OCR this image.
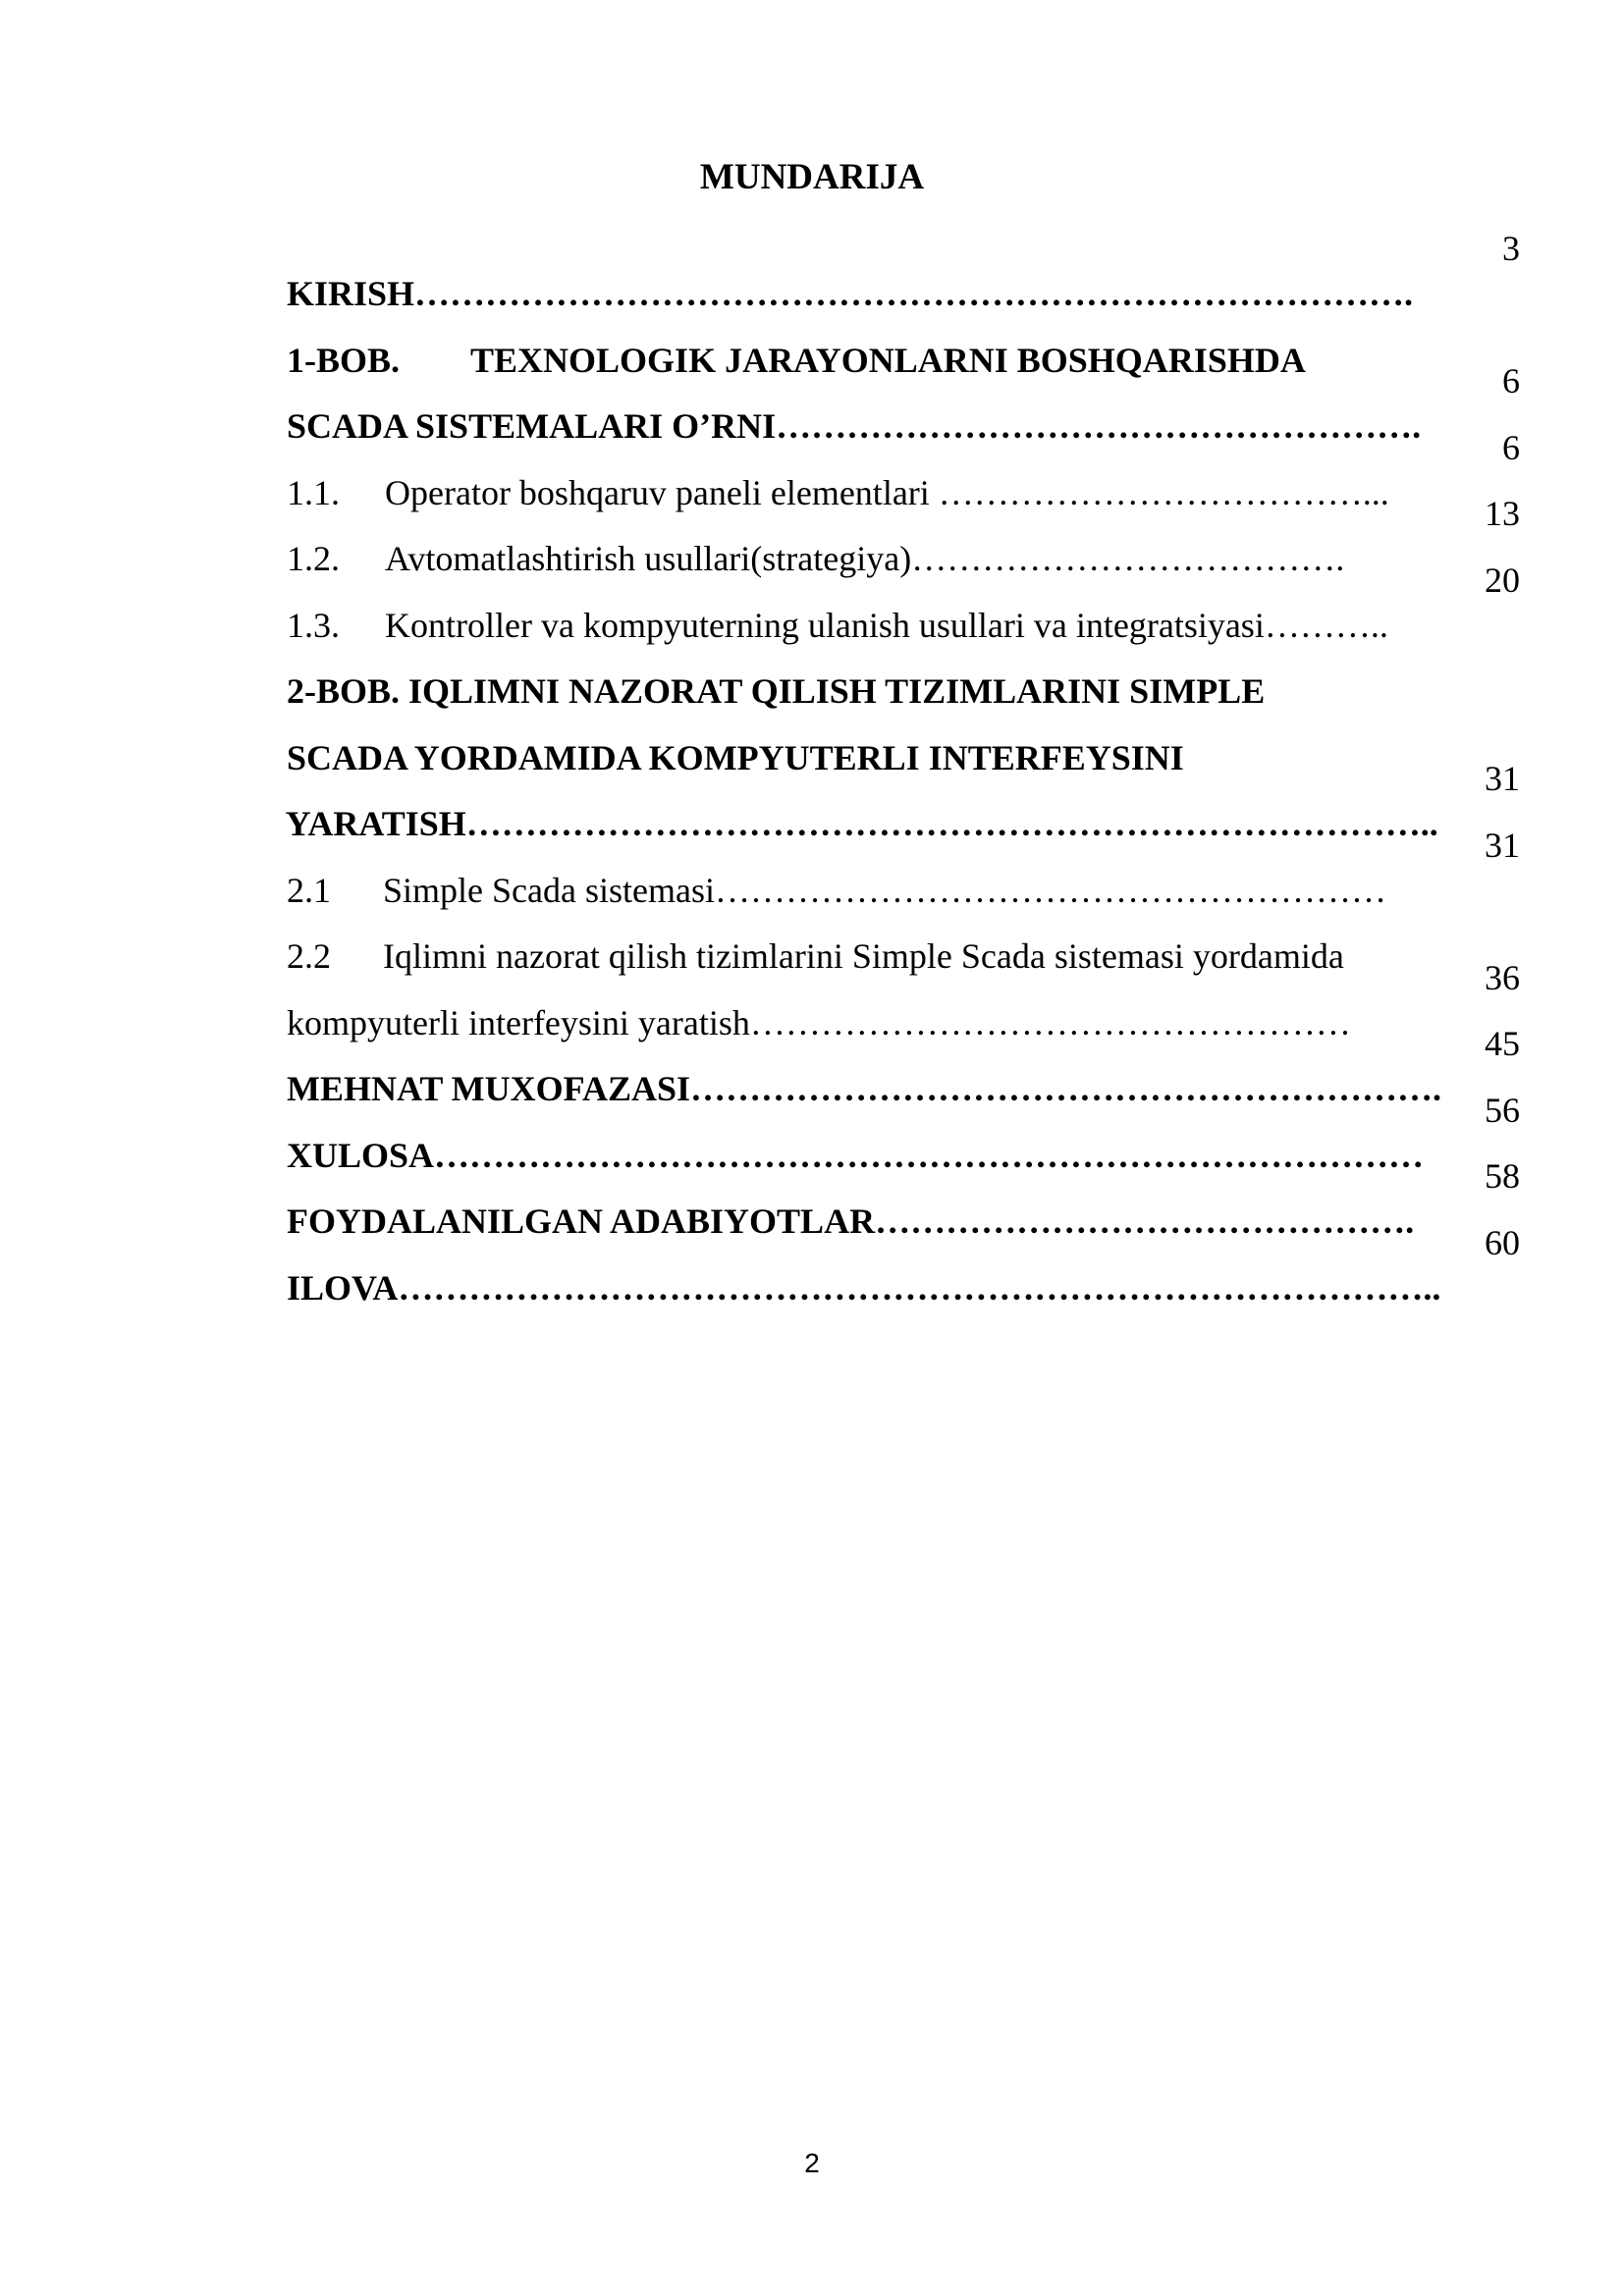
MUNDARIJA

KIRISH………………………………………………………………………….

3

1-BOB. TEXNOLOGIK JARAYONLARNI BOSHQARISHDA

SCADA SISTEMALARI O’RNI……………………………………………….

6

1.1. Operator boshqaruv paneli elementlari ………………………………...

6

1.2. Avtomatlashtirish usullari(strategiya)……………………………….

13

1.3. Kontroller va kompyuterning ulanish usullari va integratsiyasi………..

20

2-BOB. IQLIMNI NAZORAT QILISH TIZIMLARINI SIMPLE

SCADA YORDAMIDA KOMPYUTERLI INTERFEYSINI

YARATISH………………………………………………………………………..

31

2.1 Simple Scada sistemasi…………………………………………………

31

2.2 Iqlimni nazorat qilish tizimlarini Simple Scada sistemasi yordamida

kompyuterli interfeysini yaratish……………………………………………

36

MEHNAT MUXOFAZASI……………………………………………………….

45

XULOSA…………………………………………………………………………

56

FOYDALANILGAN ADABIYOTLAR……………………………………….

58

ILOVA……………………………………………………………………………..

60

2
